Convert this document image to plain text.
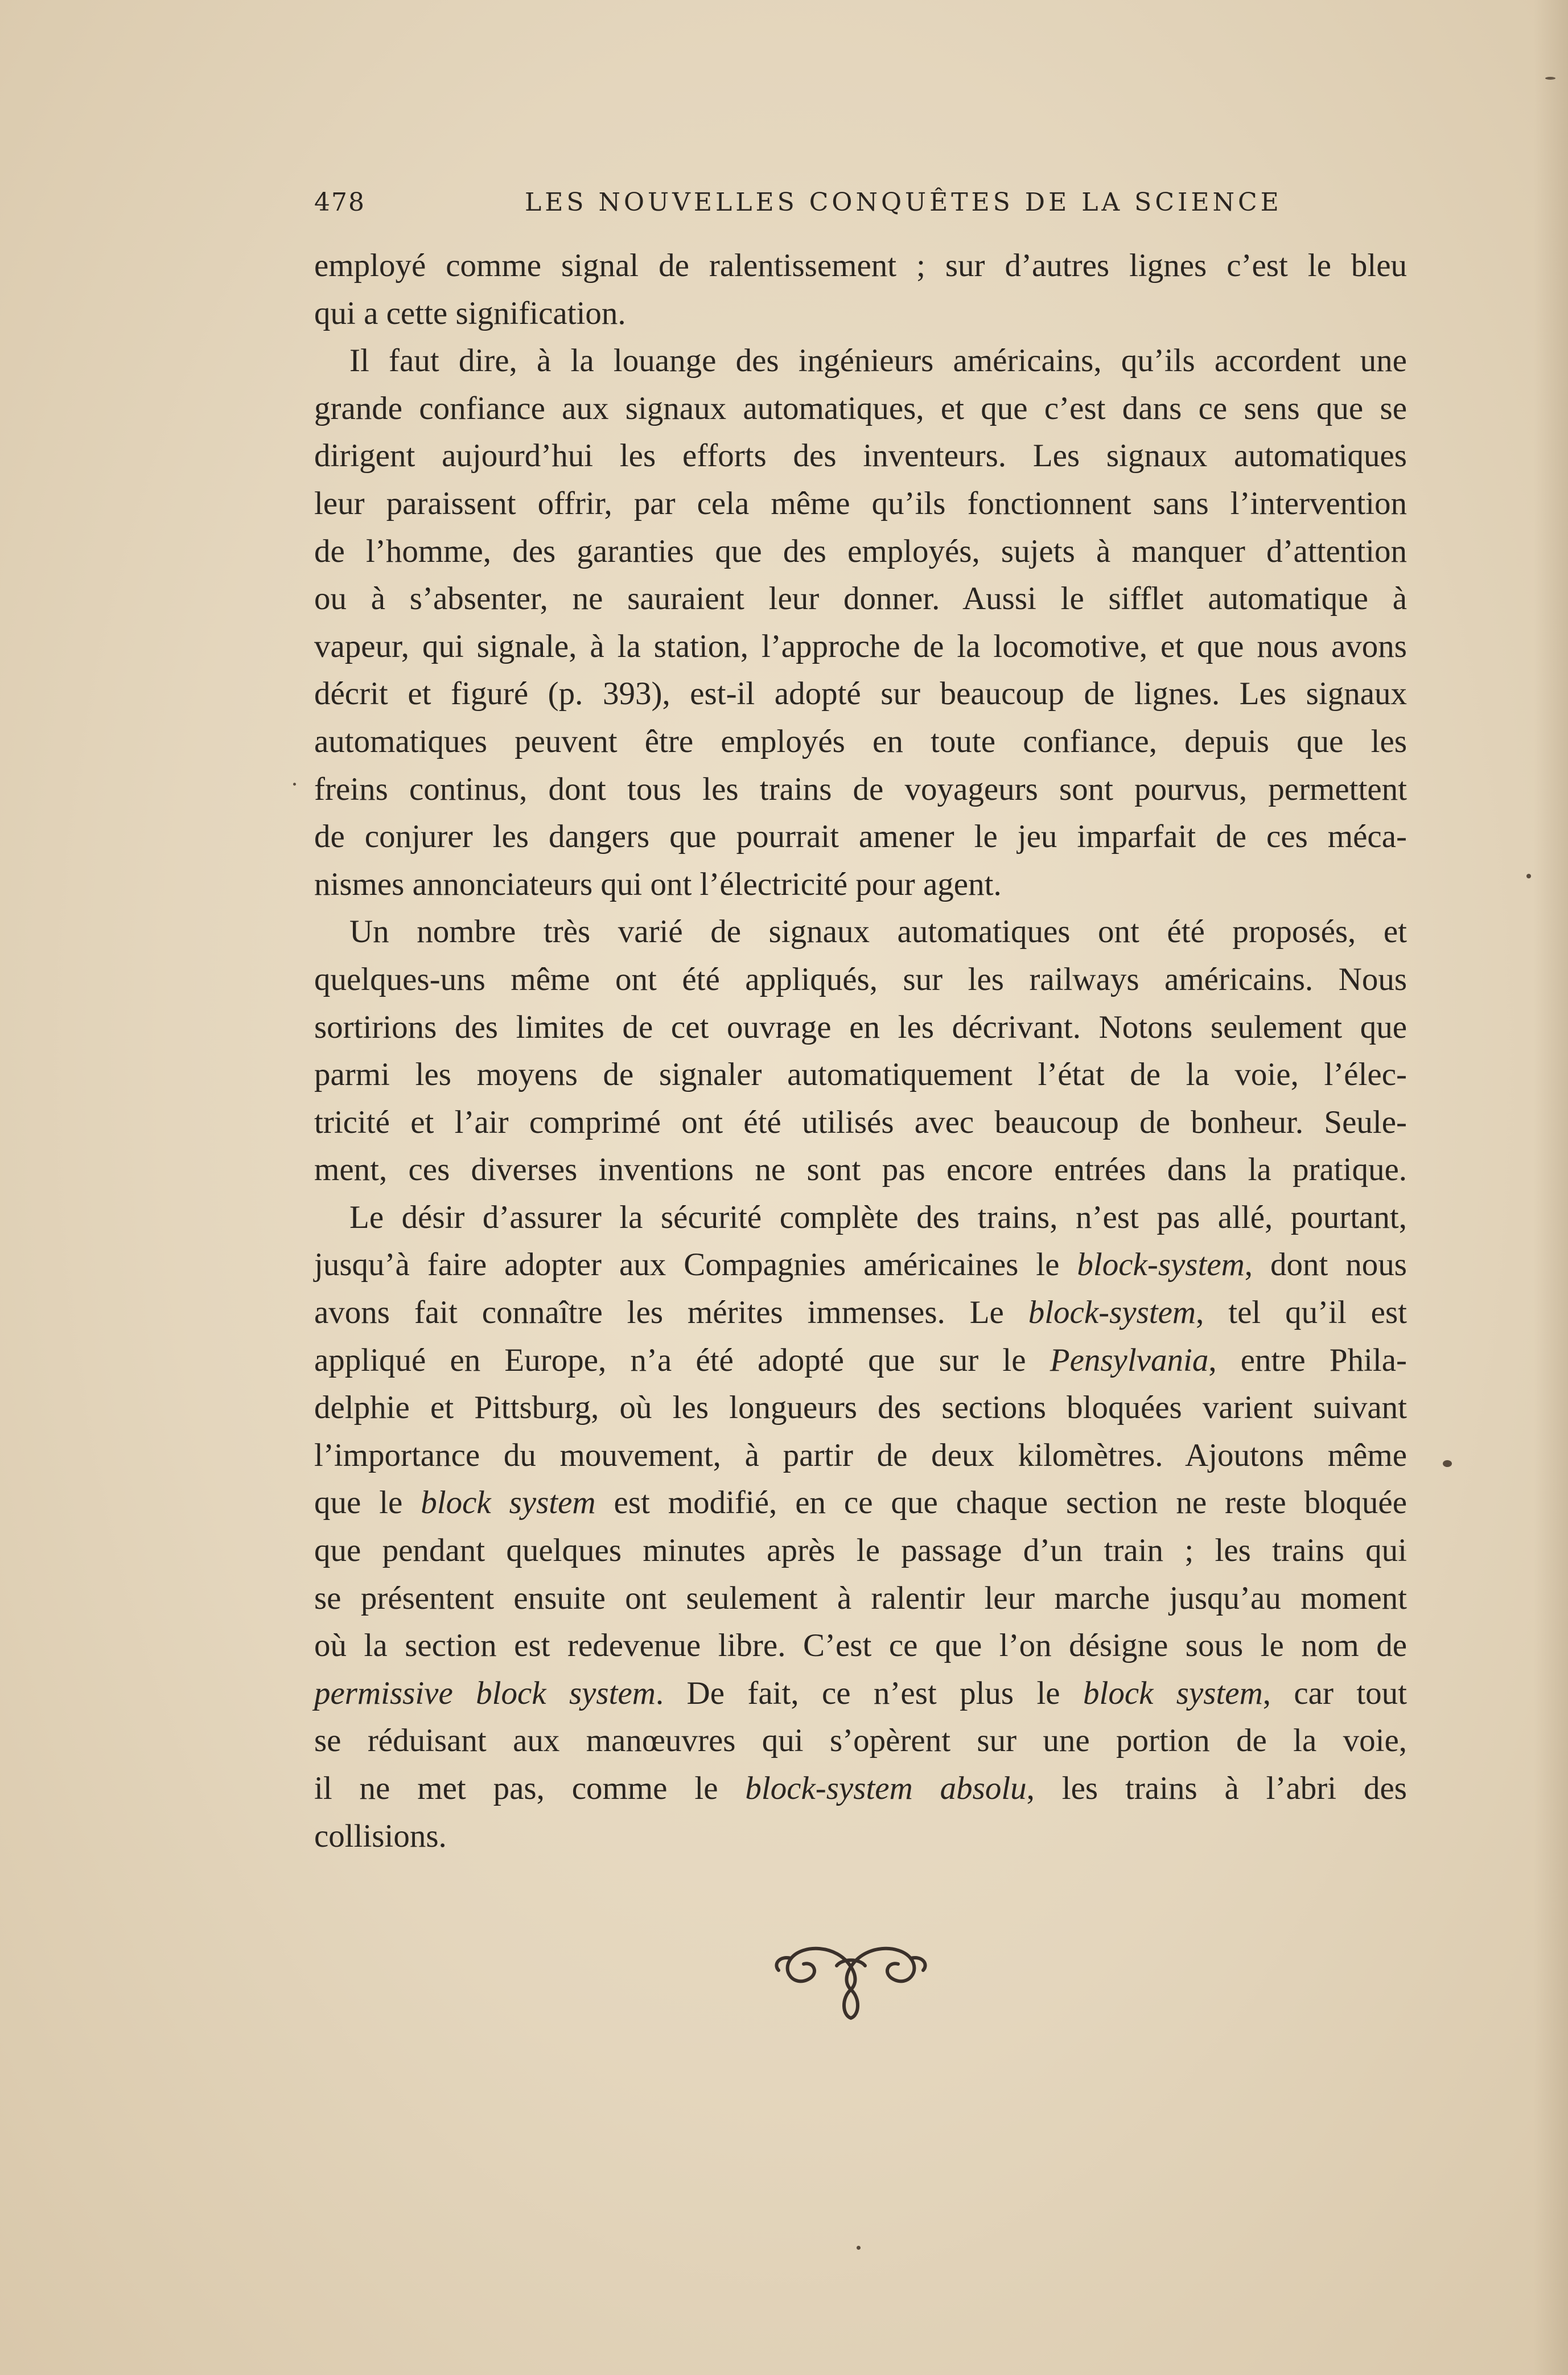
478	LES NOUVELLES CONQUÊTES DE LA SCIENCE
employé comme signal de ralentissement ; sur d’autres lignes c’est le bleu
qui a cette signification.
Il faut dire, à la louange des ingénieurs américains, qu’ils accordent une
grande confiance aux signaux automatiques, et que c’est dans ce sens que se
dirigent aujourd’hui les efforts des inventeurs. Les signaux automatiques
leur paraissent offrir, par cela même qu’ils fonctionnent sans l’intervention
de l’homme, des garanties que des employés, sujets à manquer d’attention
ou à s’absenter, ne sauraient leur donner. Aussi le sifflet automatique à
vapeur, qui signale, à la station, l’approche de la locomotive, et que nous avons
décrit et figuré (p. 393), est-il adopté sur beaucoup de lignes. Les signaux
automatiques peuvent être employés en toute confiance, depuis que les
freins continus, dont tous les trains de voyageurs sont pourvus, permettent
de conjurer les dangers que pourrait amener le jeu imparfait de ces méca-
nismes annonciateurs qui ont l’électricité pour agent.
Un nombre très varié de signaux automatiques ont été proposés, et
quelques-uns même ont été appliqués, sur les railways américains. Nous
sortirions des limites de cet ouvrage en les décrivant. Notons seulement que
parmi les moyens de signaler automatiquement l’état de la voie, l’élec-
tricité et l’air comprimé ont été utilisés avec beaucoup de bonheur. Seule-
ment, ces diverses inventions ne sont pas encore entrées dans la pratique.
Le désir d’assurer la sécurité complète des trains, n’est pas allé, pourtant,
jusqu’à faire adopter aux Compagnies américaines le block-system, dont nous
avons fait connaître les mérites immenses. Le block-system, tel qu’il est
appliqué en Europe, n’a été adopté que sur le Pensylvania, entre Phila-
delphie et Pittsburg, où les longueurs des sections bloquées varient suivant
l’importance du mouvement, à partir de deux kilomètres. Ajoutons même
que le block system est modifié, en ce que chaque section ne reste bloquée
que pendant quelques minutes après le passage d’un train ; les trains qui
se présentent ensuite ont seulement à ralentir leur marche jusqu’au moment
où la section est redevenue libre. C’est ce que l’on désigne sous le nom de
permissive block system. De fait, ce n’est plus le block system, car tout
se réduisant aux manœuvres qui s’opèrent sur une portion de la voie,
il ne met pas, comme le block-system absolu, les trains à l’abri des
collisions.
